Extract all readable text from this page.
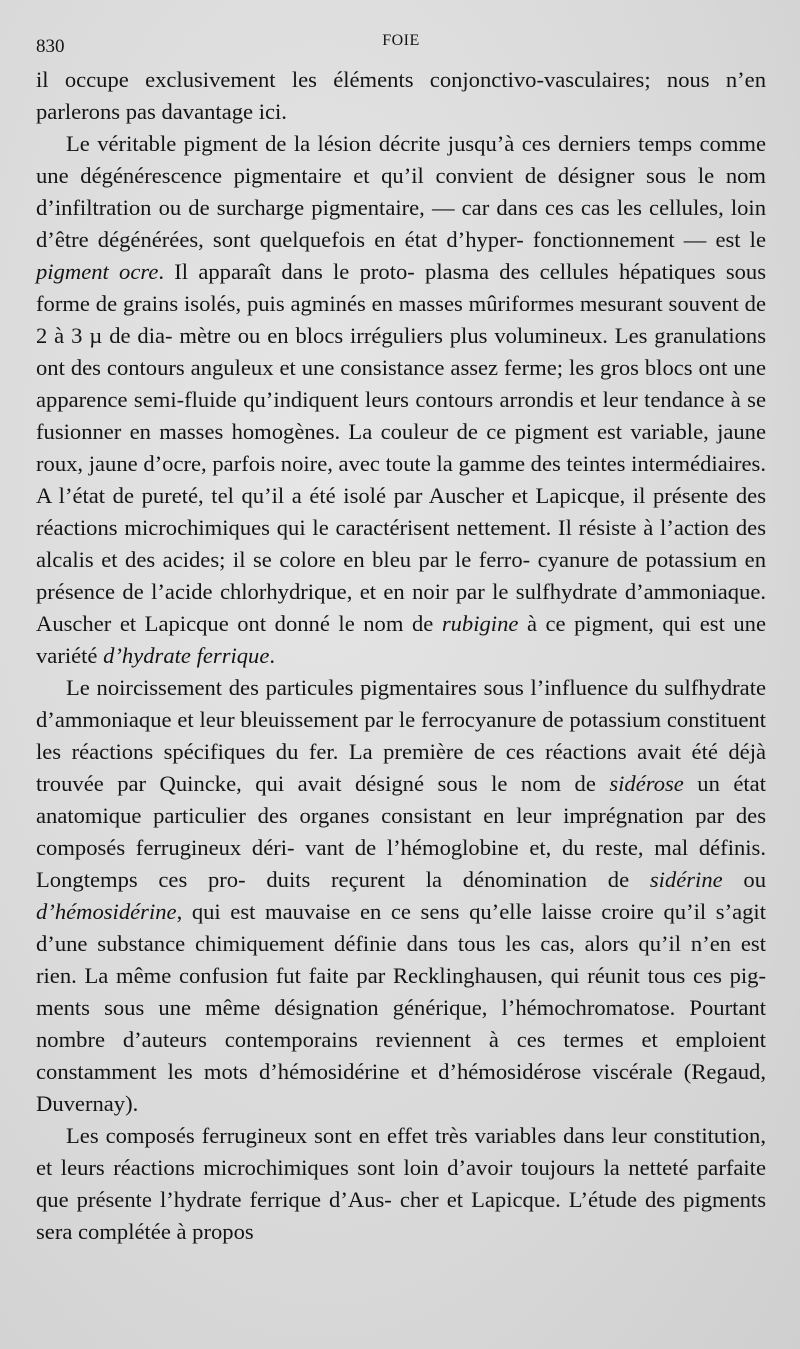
830	FOIE

il occupe exclusivement les éléments conjonctivo-vasculaires; nous n’en parlerons pas davantage ici.

Le véritable pigment de la lésion décrite jusqu’à ces derniers temps comme une dégénérescence pigmentaire et qu’il convient de désigner sous le nom d’infiltration ou de surcharge pigmentaire, — car dans ces cas les cellules, loin d’être dégénérées, sont quelquefois en état d’hyper- fonctionnement — est le pigment ocre. Il apparaît dans le proto- plasma des cellules hépatiques sous forme de grains isolés, puis agminés en masses mûriformes mesurant souvent de 2 à 3 µ de dia- mètre ou en blocs irréguliers plus volumineux. Les granulations ont des contours anguleux et une consistance assez ferme; les gros blocs ont une apparence semi-fluide qu’indiquent leurs contours arrondis et leur tendance à se fusionner en masses homogènes. La couleur de ce pigment est variable, jaune roux, jaune d’ocre, parfois noire, avec toute la gamme des teintes intermédiaires. A l’état de pureté, tel qu’il a été isolé par Auscher et Lapicque, il présente des réactions microchimiques qui le caractérisent nettement. Il résiste à l’action des alcalis et des acides; il se colore en bleu par le ferro- cyanure de potassium en présence de l’acide chlorhydrique, et en noir par le sulfhydrate d’ammoniaque. Auscher et Lapicque ont donné le nom de rubigine à ce pigment, qui est une variété d’hydrate ferrique.

Le noircissement des particules pigmentaires sous l’influence du sulfhydrate d’ammoniaque et leur bleuissement par le ferrocyanure de potassium constituent les réactions spécifiques du fer. La première de ces réactions avait été déjà trouvée par Quincke, qui avait désigné sous le nom de sidérose un état anatomique particulier des organes consistant en leur imprégnation par des composés ferrugineux déri- vant de l’hémoglobine et, du reste, mal définis. Longtemps ces pro- duits reçurent la dénomination de sidérine ou d’hémosidérine, qui est mauvaise en ce sens qu’elle laisse croire qu’il s’agit d’une substance chimiquement définie dans tous les cas, alors qu’il n’en est rien. La même confusion fut faite par Recklinghausen, qui réunit tous ces pig- ments sous une même désignation générique, l’hémochromatose. Pourtant nombre d’auteurs contemporains reviennent à ces termes et emploient constamment les mots d’hémosidérine et d’hémosidérose viscérale (Regaud, Duvernay).

Les composés ferrugineux sont en effet très variables dans leur constitution, et leurs réactions microchimiques sont loin d’avoir toujours la netteté parfaite que présente l’hydrate ferrique d’Aus- cher et Lapicque. L’étude des pigments sera complétée à propos
